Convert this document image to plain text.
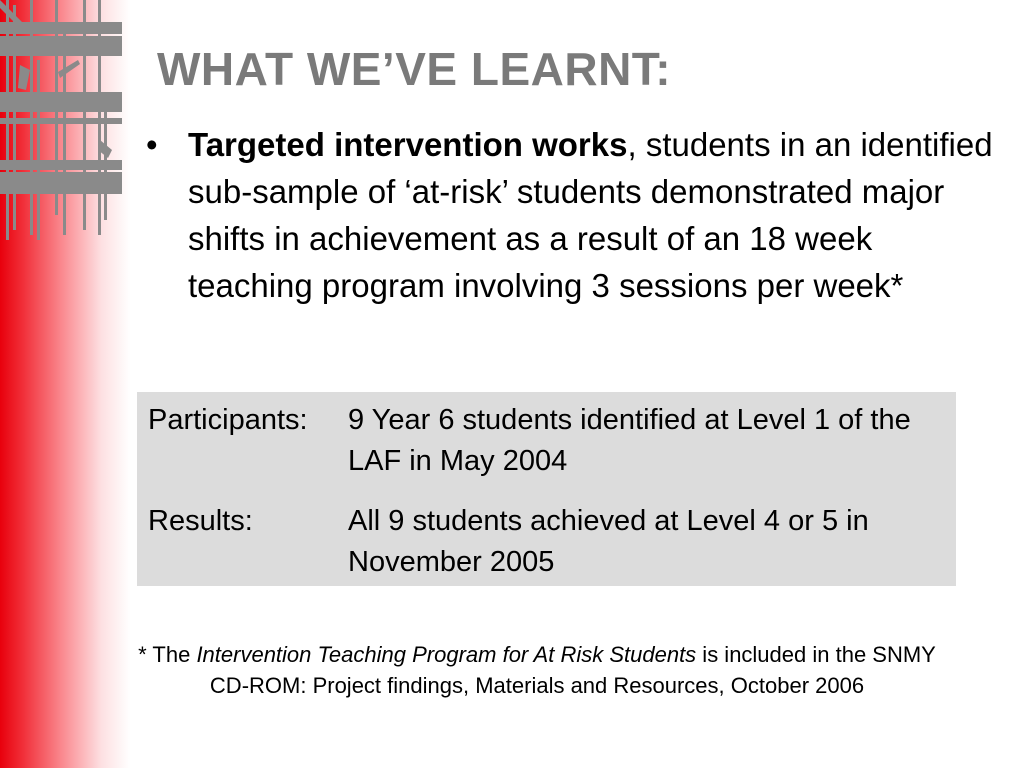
WHAT WE’VE LEARNT:
• Targeted intervention works, students in an identified sub-sample of ‘at-risk’ students demonstrated major shifts in achievement as a result of an 18 week teaching program involving 3 sessions per week*
Participants:	9 Year 6 students identified at Level 1 of the LAF in May 2004
Results:	All 9 students achieved at Level 4 or 5 in November 2005
* The Intervention Teaching Program for At Risk Students is included in the SNMY CD-ROM: Project findings, Materials and Resources, October 2006
